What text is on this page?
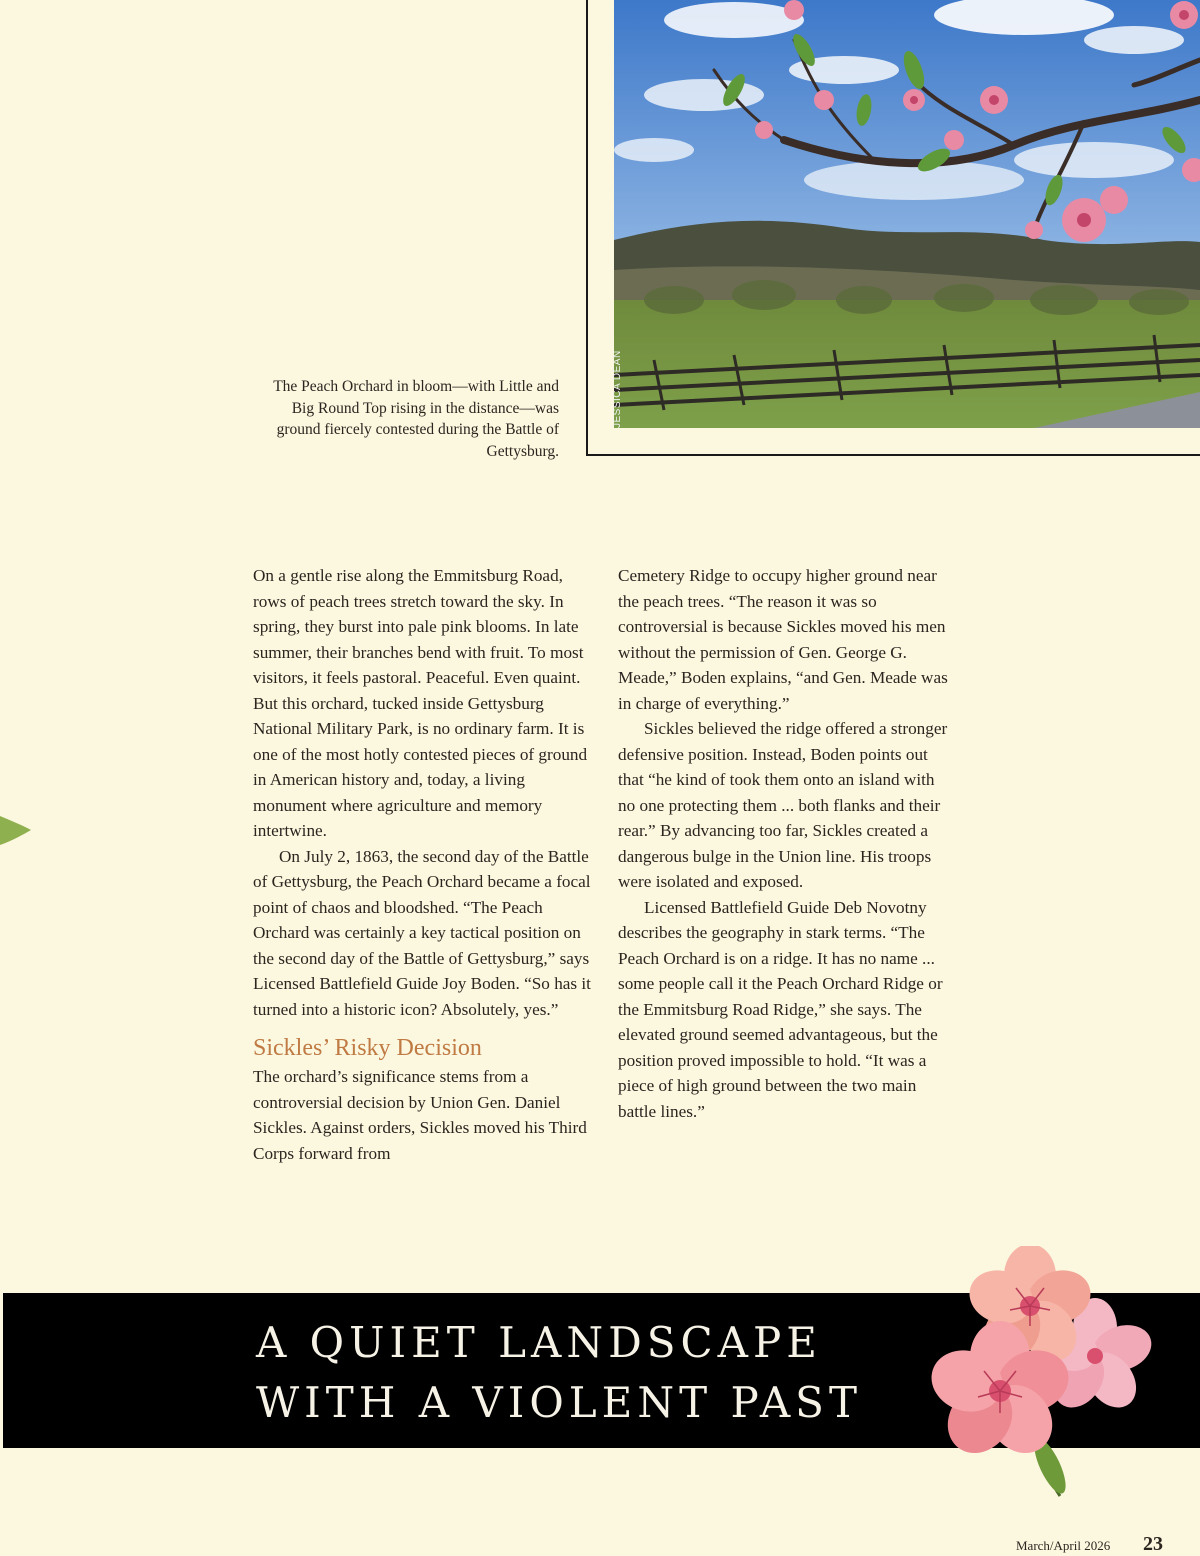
The Peach Orchard in bloom—with Little and Big Round Top rising in the distance—was ground fiercely contested during the Battle of Gettysburg.

On a gentle rise along the Emmitsburg Road, rows of peach trees stretch toward the sky. In spring, they burst into pale pink blooms. In late summer, their branches bend with fruit. To most visitors, it feels pastoral. Peaceful. Even quaint. But this orchard, tucked inside Gettysburg National Military Park, is no ordinary farm. It is one of the most hotly contested pieces of ground in American history and, today, a living monument where agriculture and memory intertwine.

On July 2, 1863, the second day of the Battle of Gettysburg, the Peach Orchard became a focal point of chaos and bloodshed. “The Peach Orchard was certainly a key tactical position on the second day of the Battle of Gettysburg,” says Licensed Battlefield Guide Joy Boden. “So has it turned into a historic icon? Absolutely, yes.”

Sickles’ Risky Decision

The orchard’s significance stems from a controversial decision by Union Gen. Daniel Sickles. Against orders, Sickles moved his Third Corps forward from

Cemetery Ridge to occupy higher ground near the peach trees. “The reason it was so controversial is because Sickles moved his men without the permission of Gen. George G. Meade,” Boden explains, “and Gen. Meade was in charge of everything.”

Sickles believed the ridge offered a stronger defensive position. Instead, Boden points out that “he kind of took them onto an island with no one protecting them ... both flanks and their rear.” By advancing too far, Sickles created a dangerous bulge in the Union line. His troops were isolated and exposed.

Licensed Battlefield Guide Deb Novotny describes the geography in stark terms. “The Peach Orchard is on a ridge. It has no name ... some people call it the Peach Orchard Ridge or the Emmitsburg Road Ridge,” she says. The elevated ground seemed advantageous, but the position proved impossible to hold. “It was a piece of high ground between the two main battle lines.”

A QUIET LANDSCAPE
WITH A VIOLENT PAST
March/April 2026 23
